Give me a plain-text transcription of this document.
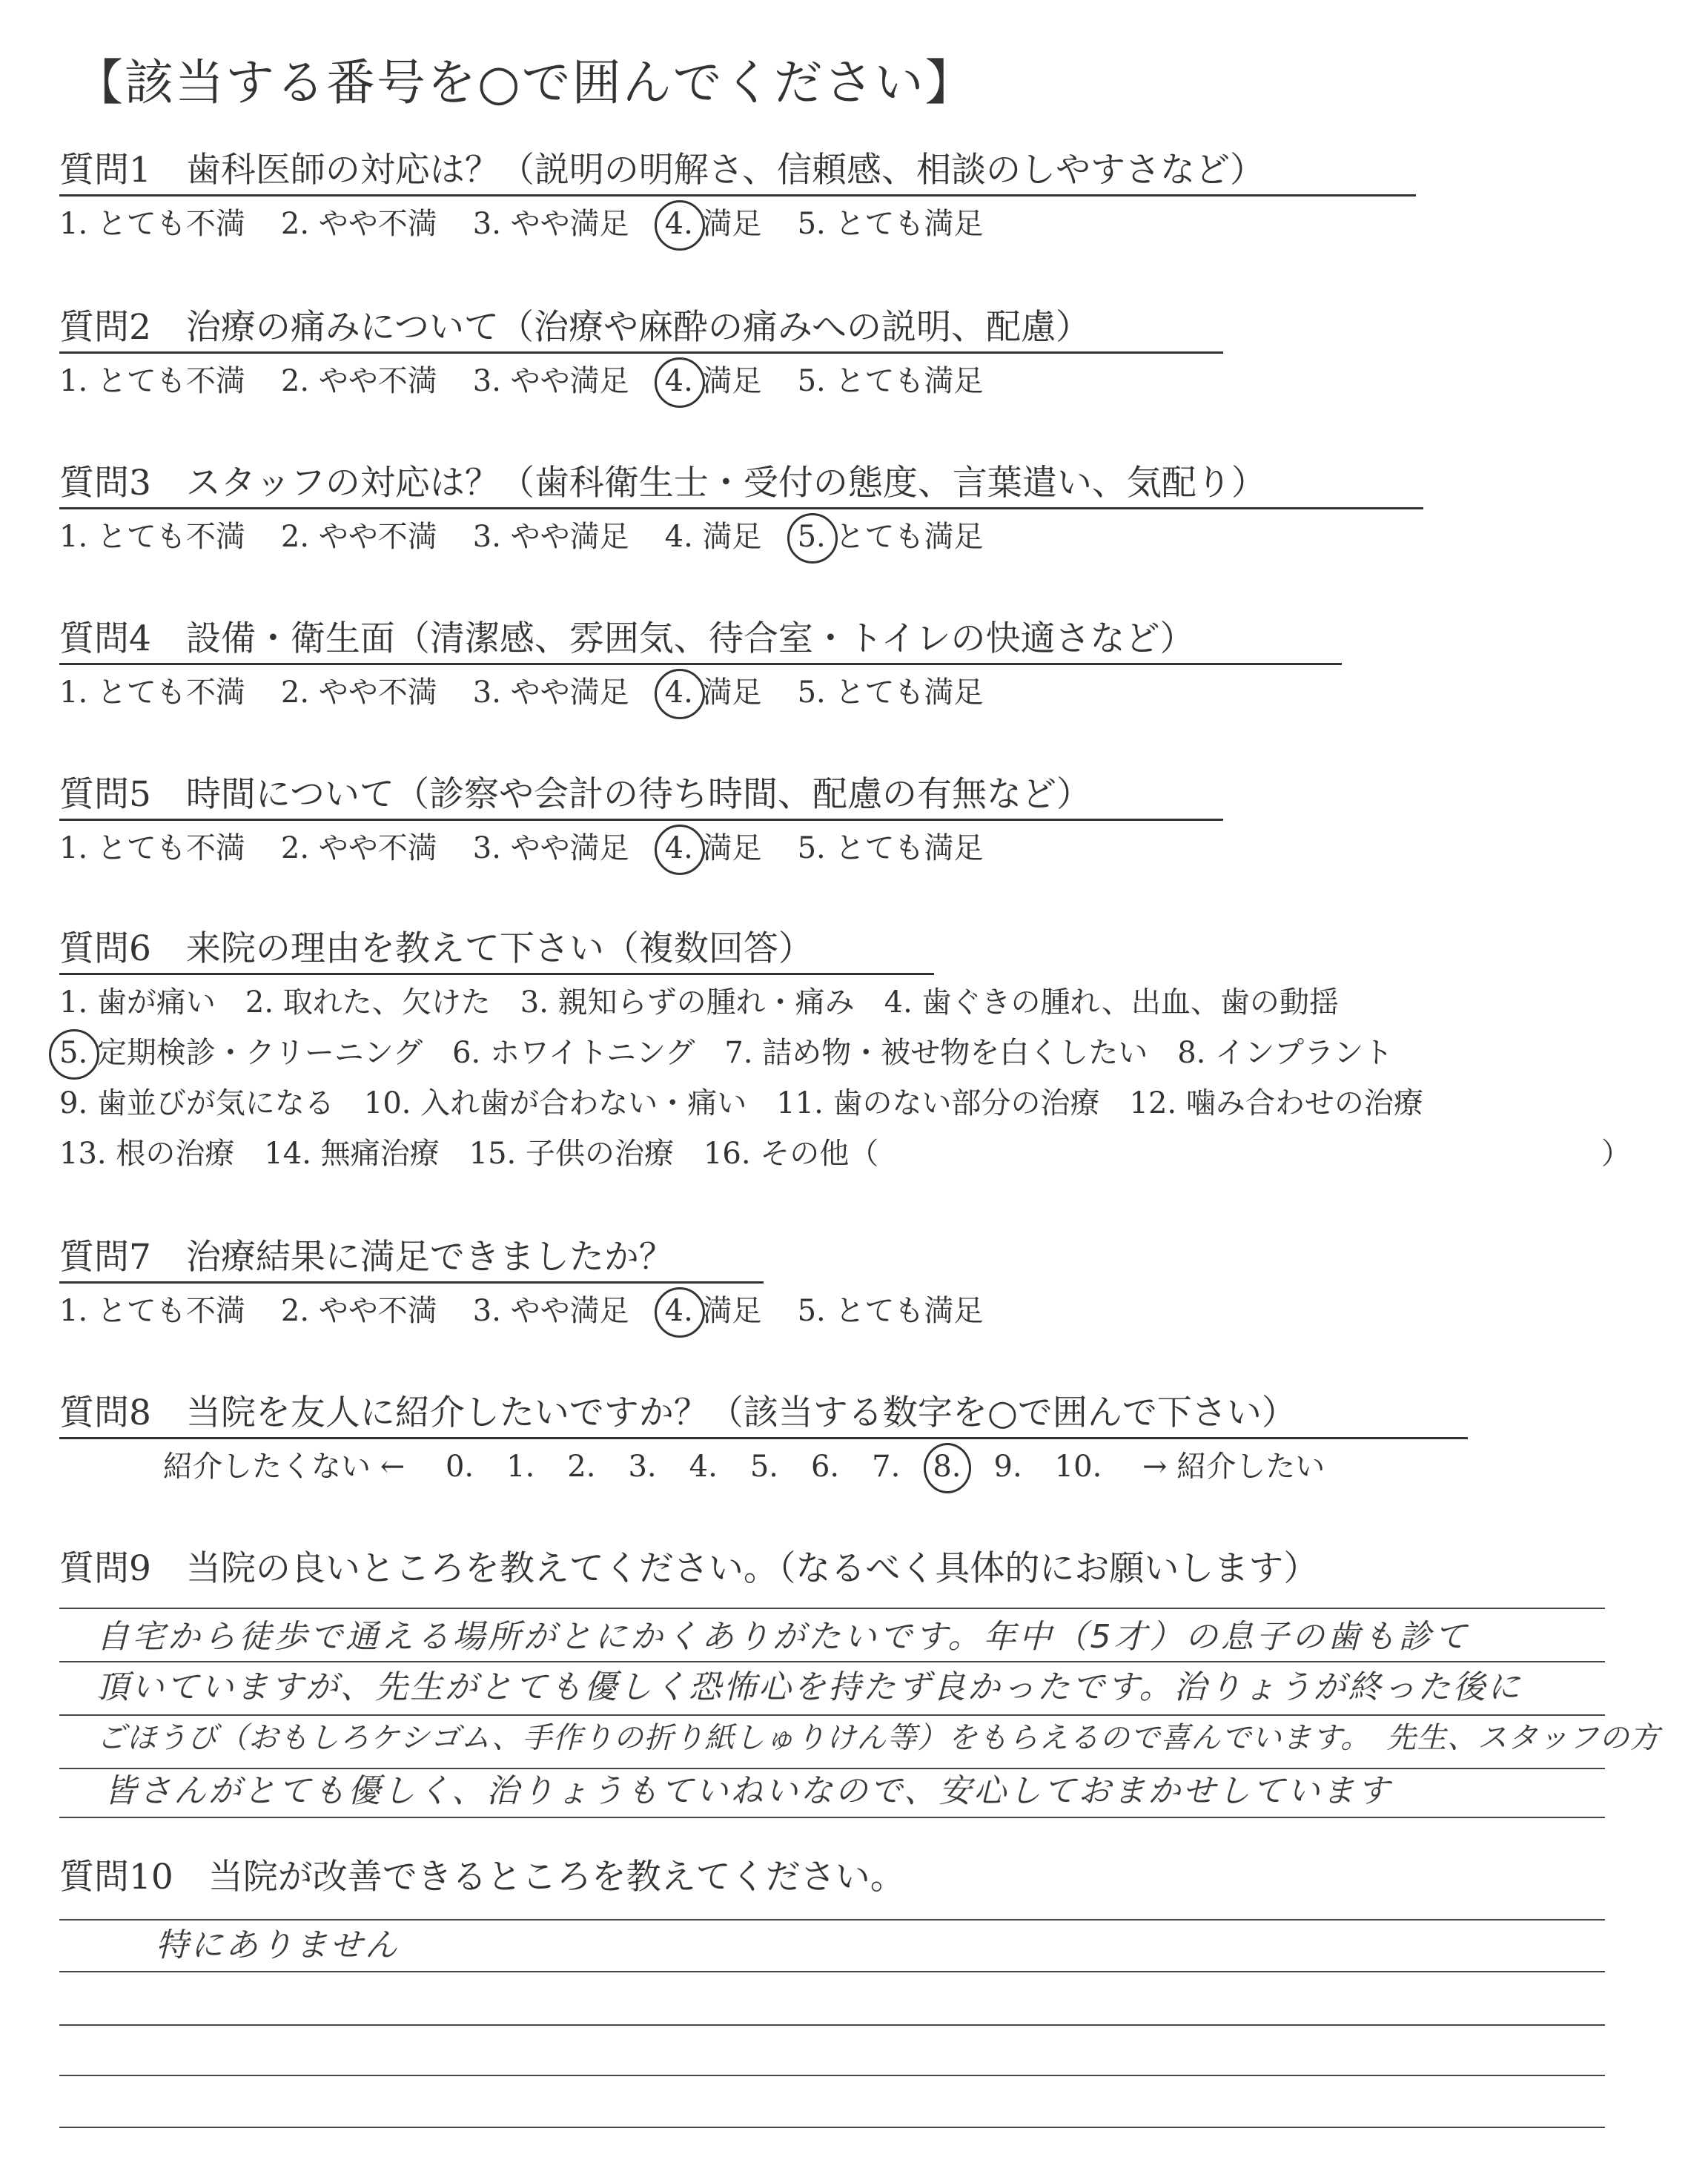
【該当する番号を○で囲んでください】
質問1　歯科医師の対応は？（説明の明解さ、信頼感、相談のしやすさなど）
1. とても不満 2. やや不満 3. やや満足 4. 満足 5. とても満足
質問2　治療の痛みについて（治療や麻酔の痛みへの説明、配慮）
1. とても不満 2. やや不満 3. やや満足 4. 満足 5. とても満足
質問3　スタッフの対応は？（歯科衛生士・受付の態度、言葉遣い、気配り）
1. とても不満 2. やや不満 3. やや満足 4. 満足 5. とても満足
質問4　設備・衛生面（清潔感、雰囲気、待合室・トイレの快適さなど）
1. とても不満 2. やや不満 3. やや満足 4. 満足 5. とても満足
質問5　時間について（診察や会計の待ち時間、配慮の有無など）
1. とても不満 2. やや不満 3. やや満足 4. 満足 5. とても満足
質問6　来院の理由を教えて下さい（複数回答）
1. 歯が痛い　2. 取れた、欠けた　3. 親知らずの腫れ・痛み　4. 歯ぐきの腫れ、出血、歯の動揺
5. 定期検診・クリーニング　6. ホワイトニング　7. 詰め物・被せ物を白くしたい　8. インプラント
9. 歯並びが気になる　10. 入れ歯が合わない・痛い　11. 歯のない部分の治療　12. 噛み合わせの治療
13. 根の治療　14. 無痛治療　15. 子供の治療　16. その他（	）
質問7　治療結果に満足できましたか？
1. とても不満 2. やや不満 3. やや満足 4. 満足 5. とても満足
質問8　当院を友人に紹介したいですか？（該当する数字を○で囲んで下さい）
紹介したくない ← 0. 1. 2. 3. 4. 5. 6. 7. 8. 9. 10. → 紹介したい
質問9　当院の良いところを教えてください。（なるべく具体的にお願いします）
自宅から徒歩で通える場所がとにかくありがたいです。年中（5才）の息子の歯も診て
頂いていますが、先生がとても優しく恐怖心を持たず良かったです。治りょうが終った後に
ごほうび（おもしろケシゴム、手作りの折り紙しゅりけん等）をもらえるので喜んでいます。　先生、スタッフの方
皆さんがとても優しく、治りょうもていねいなので、安心しておまかせしています
質問10　当院が改善できるところを教えてください。
特にありません
